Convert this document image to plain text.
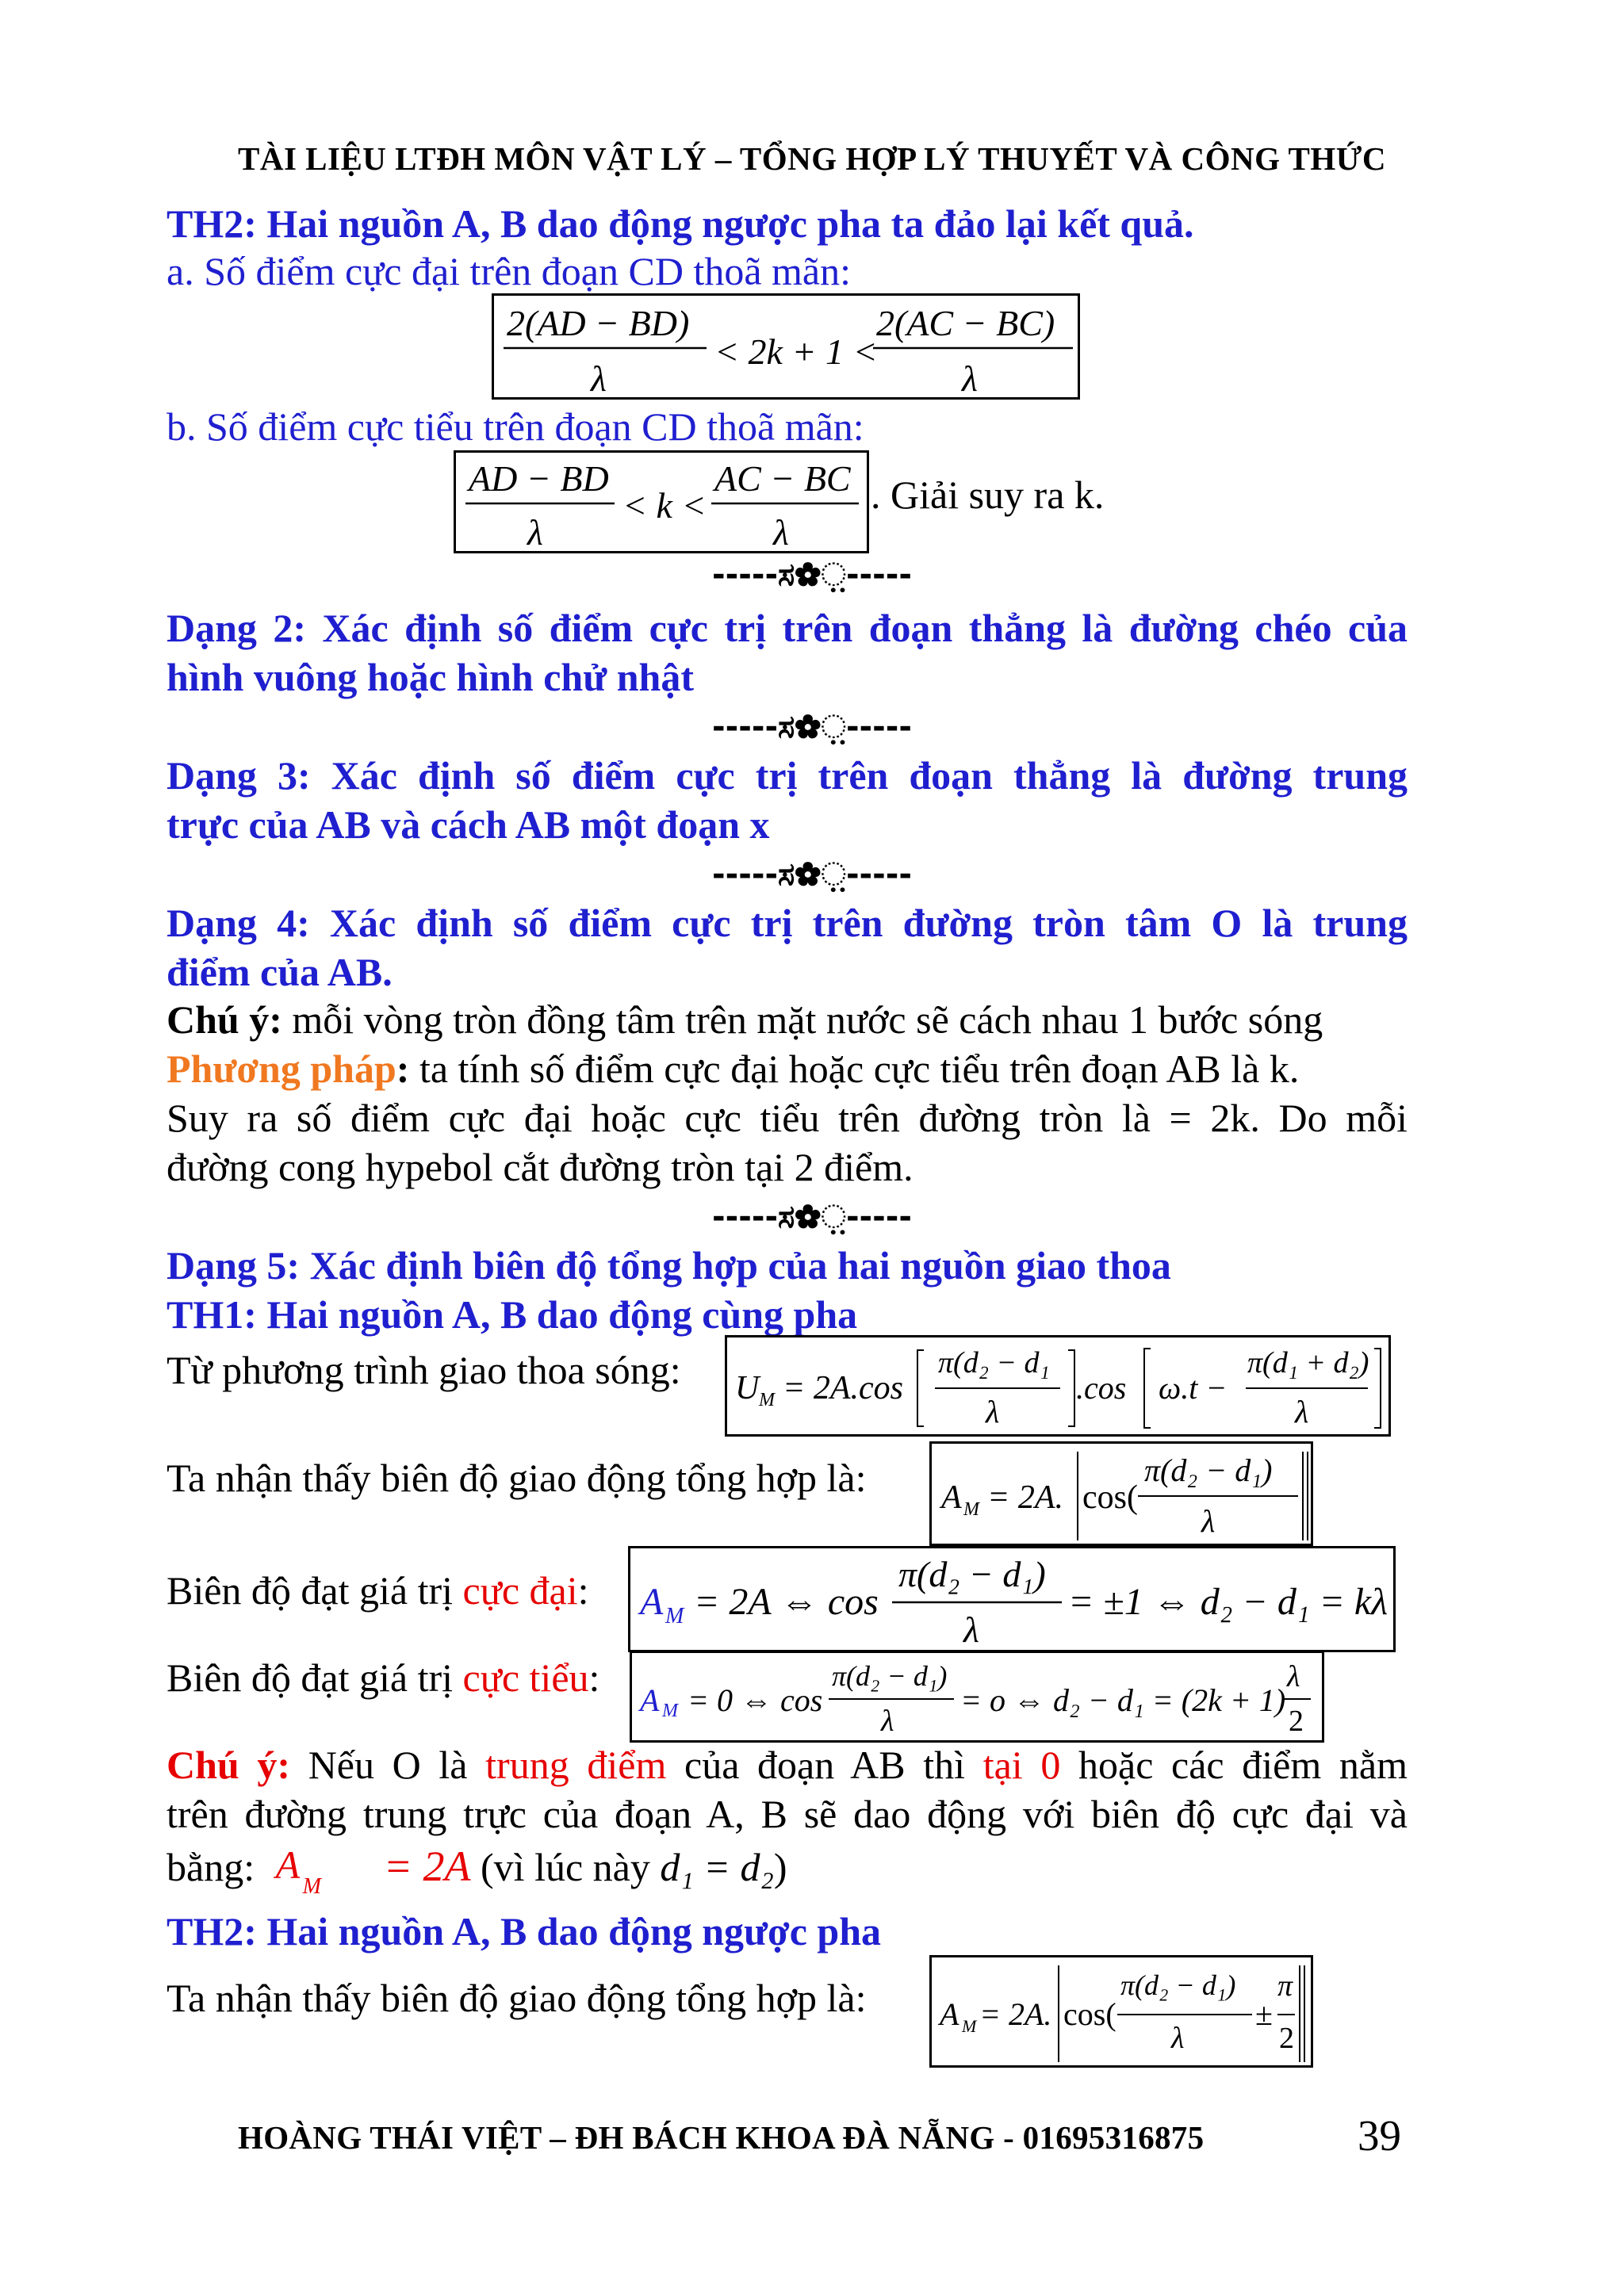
TÀI LIỆU LTĐH MÔN VẬT LÝ – TỔNG HỢP LÝ THUYẾT VÀ CÔNG THỨC
TH2: Hai nguồn A, B dao động ngược pha ta đảo lại kết quả.
a. Số điểm cực đại trên đoạn CD thoã mãn:
2(AD − BD)
λ
< 2k + 1 <
2(AC − BC)
λ
b. Số điểm cực tiểu trên đoạn CD thoã mãn:
AD − BD
λ
< k <
AC − BC
λ
. Giải suy ra k.
-----ಸ✿಼-----
Dạng 2: Xác định số điểm cực trị trên đoạn thẳng là đường chéo của
hình vuông hoặc hình chử nhật
-----ಸ✿಼-----
Dạng 3: Xác định số điểm cực trị trên đoạn thẳng là đường trung
trực của AB và cách AB một đoạn x
-----ಸ✿಼-----
Dạng 4: Xác định số điểm cực trị trên đường tròn tâm O là trung
điểm của AB.
Chú ý: mỗi vòng tròn đồng tâm trên mặt nước sẽ cách nhau 1 bước sóng
Phương pháp: ta tính số điểm cực đại hoặc cực tiểu trên đoạn AB là k.
Suy ra số điểm cực đại hoặc cực tiểu trên đường tròn là = 2k. Do mỗi
đường cong hypebol cắt đường tròn tại 2 điểm.
-----ಸ✿಼-----
Dạng 5: Xác định biên độ tổng hợp của hai nguồn giao thoa
TH1: Hai nguồn A, B dao động cùng pha
Từ phương trình giao thoa sóng:	U M = 2A.cos
π(d₂ − d₁
λ
.cos ω.t −
π(d₁ + d₂)
λ
Ta nhận thấy biên độ giao động tổng hợp là:	A M = 2A. cos(
π(d₂ − d₁)
λ
Biên độ đạt giá trị cực đại:	A M = 2A ⇔ cos
π(d₂ − d₁)
λ
= ±1 ⇔ d₂ − d₁ = kλ
Biên độ đạt giá trị cực tiểu:
A M = 0 ⇔ cos
π(d₂ − d₁)
λ
= o ⇔ d₂ − d₁ = (2k + 1)
λ
2
Chú ý: Nếu O là trung điểm của đoạn AB thì tại 0 hoặc các điểm nằm
trên đường trung trực của đoạn A, B sẽ dao động với biên độ cực đại và
bằng: A M = 2A (vì lúc này d₁ = d₂)
TH2: Hai nguồn A, B dao động ngược pha
Ta nhận thấy biên độ giao động tổng hợp là:	A M = 2A. cos(
π(d₂ − d₁)
λ
±
π
2
HOÀNG THÁI VIỆT – ĐH BÁCH KHOA ĐÀ NẴNG - 01695316875	39
